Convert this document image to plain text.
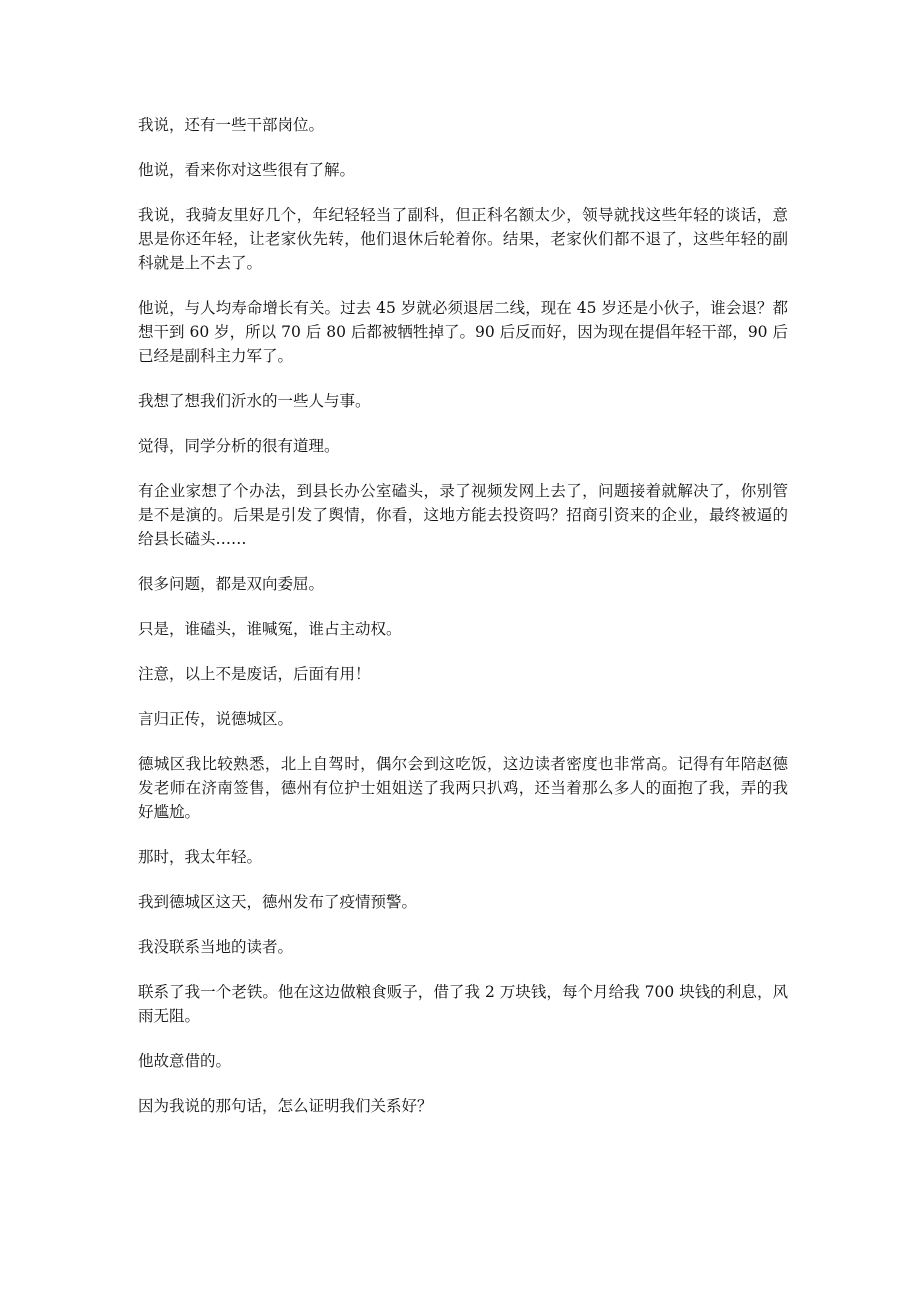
我说，还有一些干部岗位。

他说，看来你对这些很有了解。

我说，我骑友里好几个，年纪轻轻当了副科，但正科名额太少，领导就找这些年轻的谈话，意思是你还年轻，让老家伙先转，他们退休后轮着你。结果，老家伙们都不退了，这些年轻的副科就是上不去了。

他说，与人均寿命增长有关。过去 45 岁就必须退居二线，现在 45 岁还是小伙子，谁会退？都想干到 60 岁，所以 70 后 80 后都被牺牲掉了。90 后反而好，因为现在提倡年轻干部，90 后已经是副科主力军了。

我想了想我们沂水的一些人与事。

觉得，同学分析的很有道理。

有企业家想了个办法，到县长办公室磕头，录了视频发网上去了，问题接着就解决了，你别管是不是演的。后果是引发了舆情，你看，这地方能去投资吗？招商引资来的企业，最终被逼的给县长磕头……

很多问题，都是双向委屈。

只是，谁磕头，谁喊冤，谁占主动权。

注意，以上不是废话，后面有用！

言归正传，说德城区。

德城区我比较熟悉，北上自驾时，偶尔会到这吃饭，这边读者密度也非常高。记得有年陪赵德发老师在济南签售，德州有位护士姐姐送了我两只扒鸡，还当着那么多人的面抱了我，弄的我好尴尬。

那时，我太年轻。

我到德城区这天，德州发布了疫情预警。

我没联系当地的读者。

联系了我一个老铁。他在这边做粮食贩子，借了我 2 万块钱，每个月给我 700 块钱的利息，风雨无阻。

他故意借的。

因为我说的那句话，怎么证明我们关系好？
